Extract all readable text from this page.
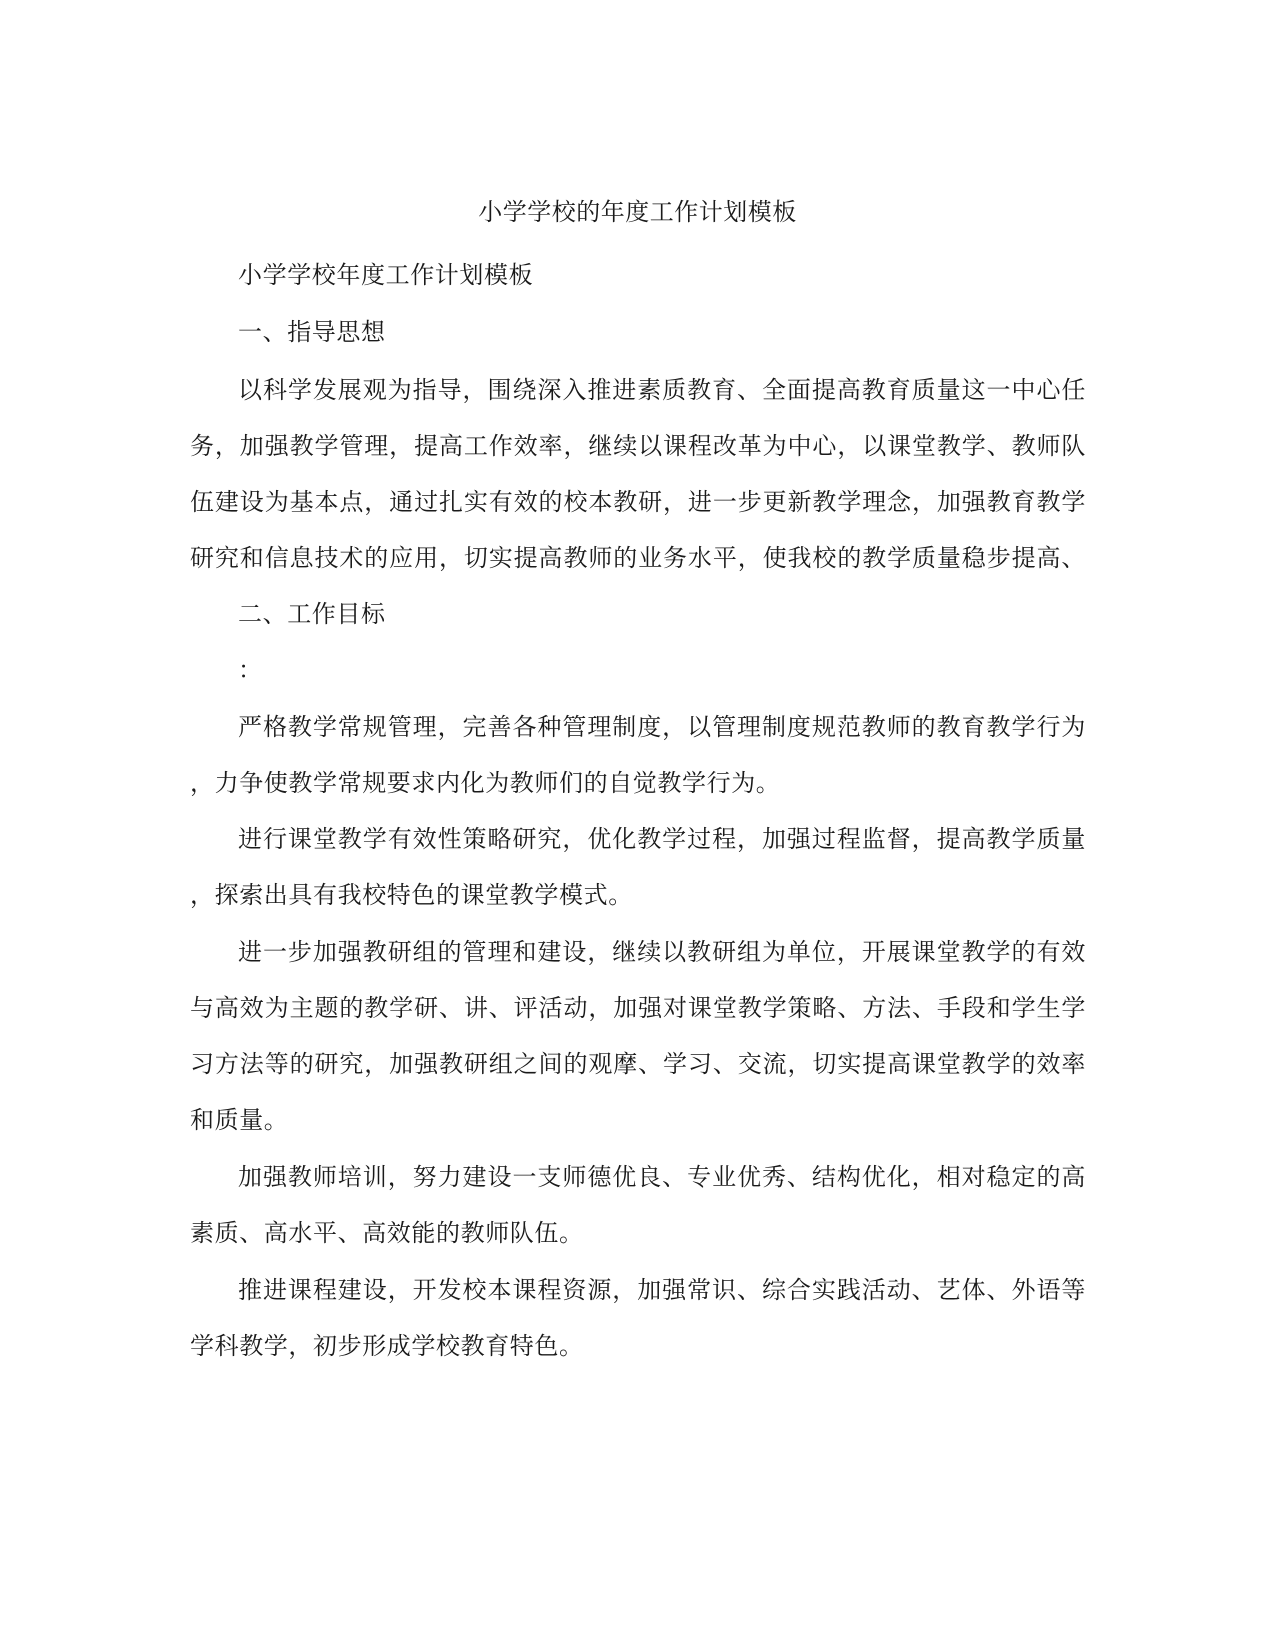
小学学校的年度工作计划模板

小学学校年度工作计划模板

一、指导思想

以科学发展观为指导，围绕深入推进素质教育、全面提高教育质量这一中心任

务，加强教学管理，提高工作效率，继续以课程改革为中心，以课堂教学、教师队

伍建设为基本点，通过扎实有效的校本教研，进一步更新教学理念，加强教育教学

研究和信息技术的应用，切实提高教师的业务水平，使我校的教学质量稳步提高、

二、工作目标

：

严格教学常规管理，完善各种管理制度，以管理制度规范教师的教育教学行为

，力争使教学常规要求内化为教师们的自觉教学行为。

进行课堂教学有效性策略研究，优化教学过程，加强过程监督，提高教学质量

，探索出具有我校特色的课堂教学模式。

进一步加强教研组的管理和建设，继续以教研组为单位，开展课堂教学的有效

与高效为主题的教学研、讲、评活动，加强对课堂教学策略、方法、手段和学生学

习方法等的研究，加强教研组之间的观摩、学习、交流，切实提高课堂教学的效率

和质量。

加强教师培训，努力建设一支师德优良、专业优秀、结构优化，相对稳定的高

素质、高水平、高效能的教师队伍。

推进课程建设，开发校本课程资源，加强常识、综合实践活动、艺体、外语等

学科教学，初步形成学校教育特色。
